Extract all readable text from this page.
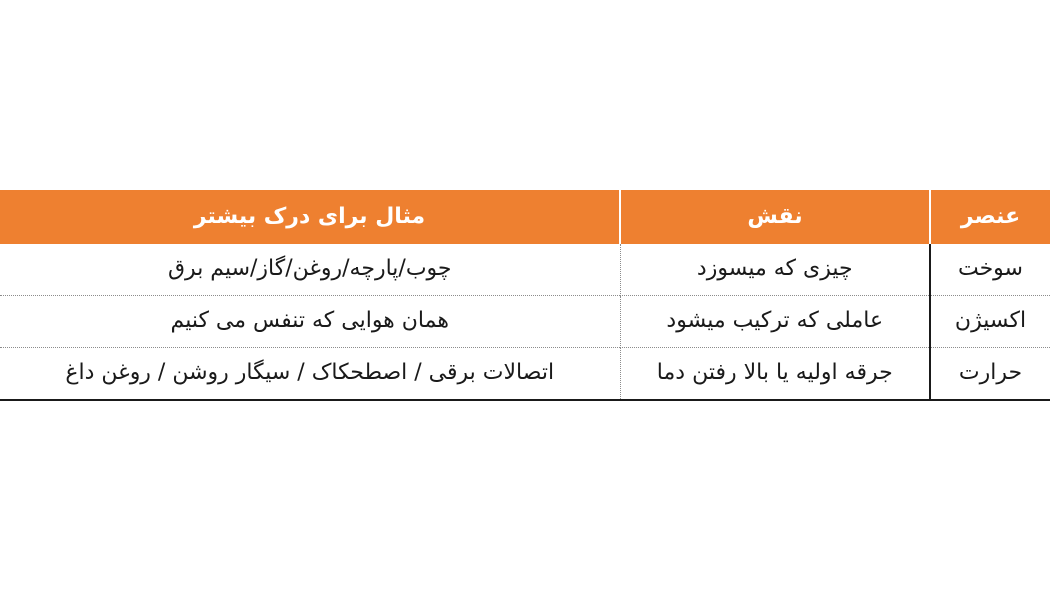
عنصر	نقش	مثال برای درک بیشتر
سوخت	چیزی که میسوزد	چوب/پارچه/روغن/گاز/سیم برق
اکسیژن	عاملی که ترکیب میشود	همان هوایی که تنفس می کنیم
حرارت	جرقه اولیه یا بالا رفتن دما	اتصالات برقی / اصطحکاک / سیگار روشن / روغن داغ
